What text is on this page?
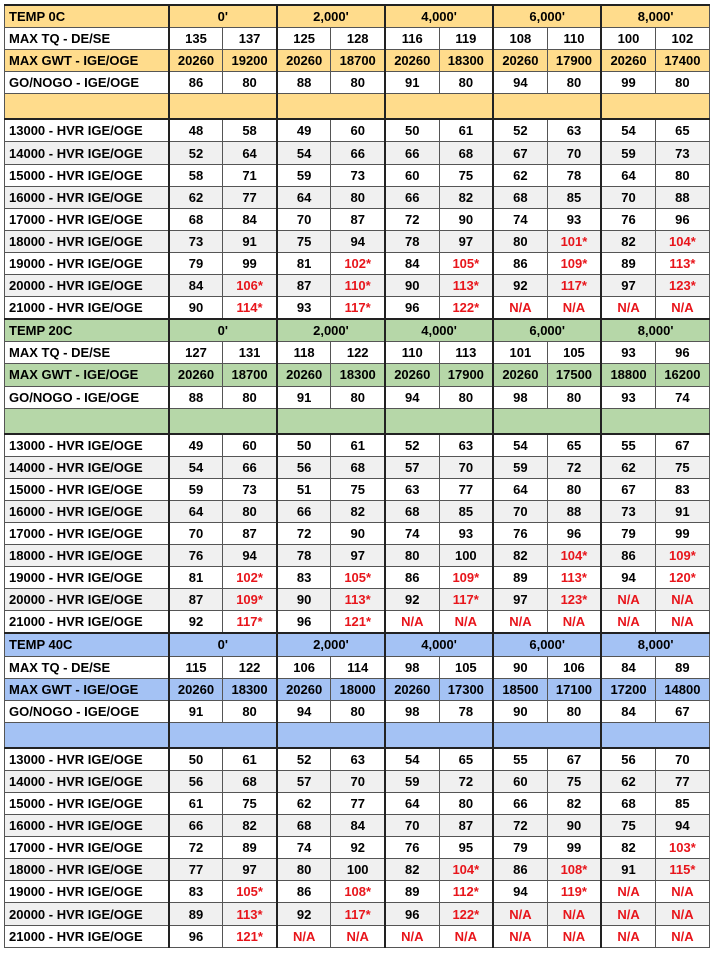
TEMP 0C	0'		2,000'		4,000'		6,000'		8,000'	
MAX TQ - DE/SE	135	137	125	128	116	119	108	110	100	102
MAX GWT - IGE/OGE	20260	19200	20260	18700	20260	18300	20260	17900	20260	17400
GO/NOGO - IGE/OGE	86	80	88	80	91	80	94	80	99	80

13000 - HVR IGE/OGE	48	58	49	60	50	61	52	63	54	65
14000 - HVR IGE/OGE	52	64	54	66	66	68	67	70	59	73
15000 - HVR IGE/OGE	58	71	59	73	60	75	62	78	64	80
16000 - HVR IGE/OGE	62	77	64	80	66	82	68	85	70	88
17000 - HVR IGE/OGE	68	84	70	87	72	90	74	93	76	96
18000 - HVR IGE/OGE	73	91	75	94	78	97	80	101*	82	104*
19000 - HVR IGE/OGE	79	99	81	102*	84	105*	86	109*	89	113*
20000 - HVR IGE/OGE	84	106*	87	110*	90	113*	92	117*	97	123*
21000 - HVR IGE/OGE	90	114*	93	117*	96	122*	N/A	N/A	N/A	N/A
TEMP 20C	0'		2,000'		4,000'		6,000'		8,000'	
MAX TQ - DE/SE	127	131	118	122	110	113	101	105	93	96
MAX GWT - IGE/OGE	20260	18700	20260	18300	20260	17900	20260	17500	18800	16200
GO/NOGO - IGE/OGE	88	80	91	80	94	80	98	80	93	74

13000 - HVR IGE/OGE	49	60	50	61	52	63	54	65	55	67
14000 - HVR IGE/OGE	54	66	56	68	57	70	59	72	62	75
15000 - HVR IGE/OGE	59	73	51	75	63	77	64	80	67	83
16000 - HVR IGE/OGE	64	80	66	82	68	85	70	88	73	91
17000 - HVR IGE/OGE	70	87	72	90	74	93	76	96	79	99
18000 - HVR IGE/OGE	76	94	78	97	80	100	82	104*	86	109*
19000 - HVR IGE/OGE	81	102*	83	105*	86	109*	89	113*	94	120*
20000 - HVR IGE/OGE	87	109*	90	113*	92	117*	97	123*	N/A	N/A
21000 - HVR IGE/OGE	92	117*	96	121*	N/A	N/A	N/A	N/A	N/A	N/A
TEMP 40C	0'		2,000'		4,000'		6,000'		8,000'	
MAX TQ - DE/SE	115	122	106	114	98	105	90	106	84	89
MAX GWT - IGE/OGE	20260	18300	20260	18000	20260	17300	18500	17100	17200	14800
GO/NOGO - IGE/OGE	91	80	94	80	98	78	90	80	84	67

13000 - HVR IGE/OGE	50	61	52	63	54	65	55	67	56	70
14000 - HVR IGE/OGE	56	68	57	70	59	72	60	75	62	77
15000 - HVR IGE/OGE	61	75	62	77	64	80	66	82	68	85
16000 - HVR IGE/OGE	66	82	68	84	70	87	72	90	75	94
17000 - HVR IGE/OGE	72	89	74	92	76	95	79	99	82	103*
18000 - HVR IGE/OGE	77	97	80	100	82	104*	86	108*	91	115*
19000 - HVR IGE/OGE	83	105*	86	108*	89	112*	94	119*	N/A	N/A
20000 - HVR IGE/OGE	89	113*	92	117*	96	122*	N/A	N/A	N/A	N/A
21000 - HVR IGE/OGE	96	121*	N/A	N/A	N/A	N/A	N/A	N/A	N/A	N/A
